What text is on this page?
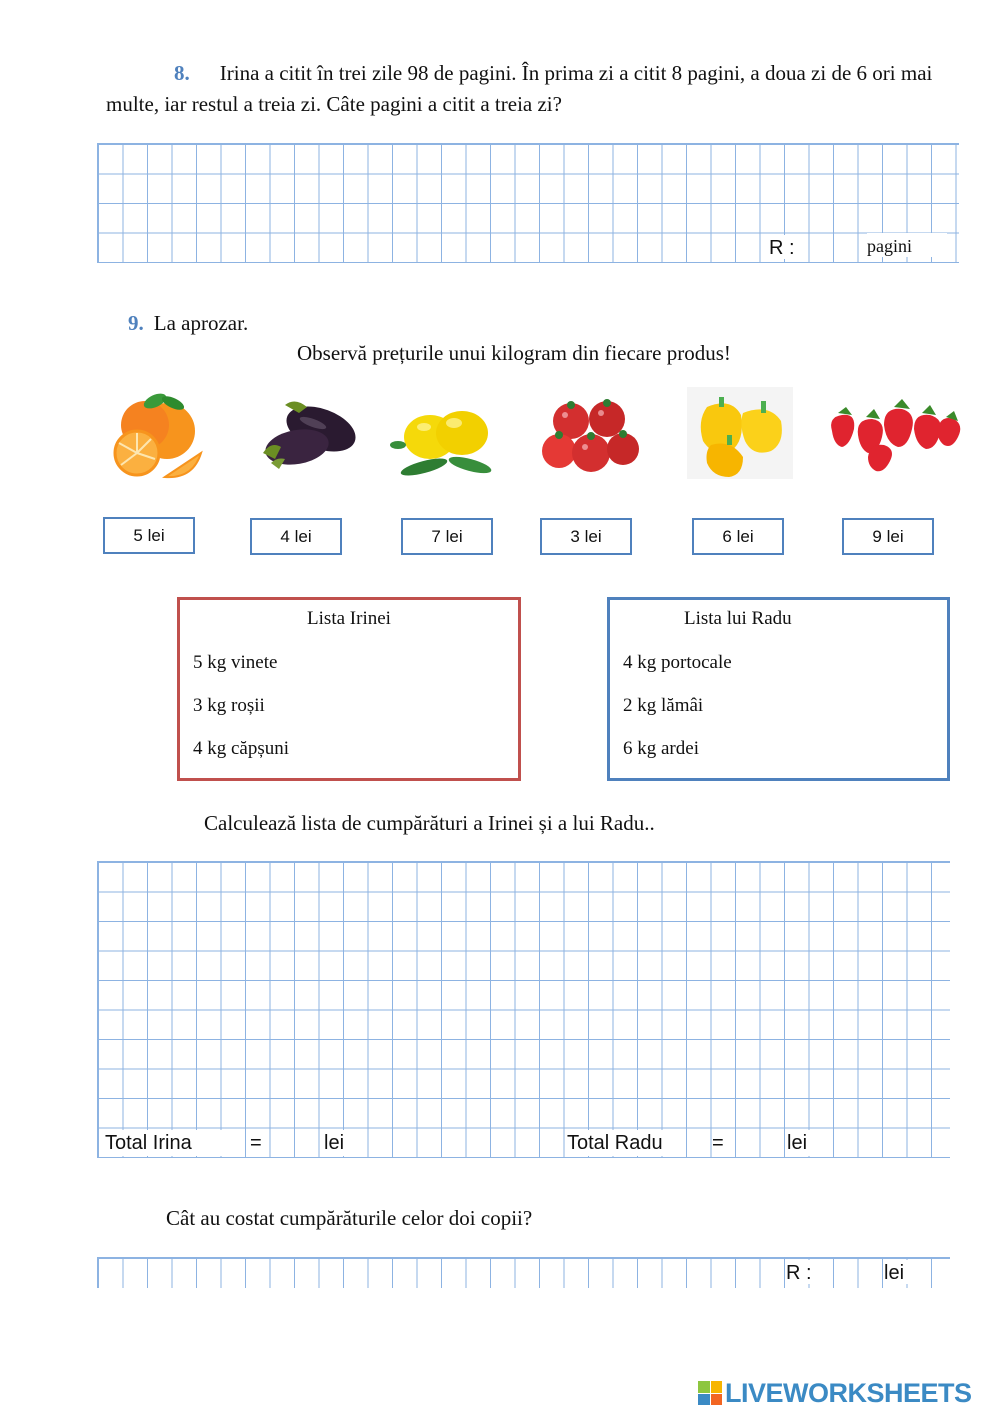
8. Irina a citit în trei zile 98 de pagini. În prima zi a citit 8 pagini, a doua zi de 6 ori mai multe, iar restul a treia zi. Câte pagini a citit a treia zi?
R :	pagini
9. La aprozar.
Observă prețurile unui kilogram din fiecare produs!
5 lei	4 lei	7 lei	3 lei	6 lei	9 lei
Lista Irinei
5 kg vinete
3 kg roșii
4 kg căpșuni
Lista lui Radu
4 kg portocale
2 kg lămâi
6 kg ardei
Calculează lista de cumpărături a Irinei și a lui Radu..
Total Irina	=	lei	Total Radu	=	lei
Cât au costat cumpărăturile celor doi copii?
R :	lei
LIVEWORKSHEETS
